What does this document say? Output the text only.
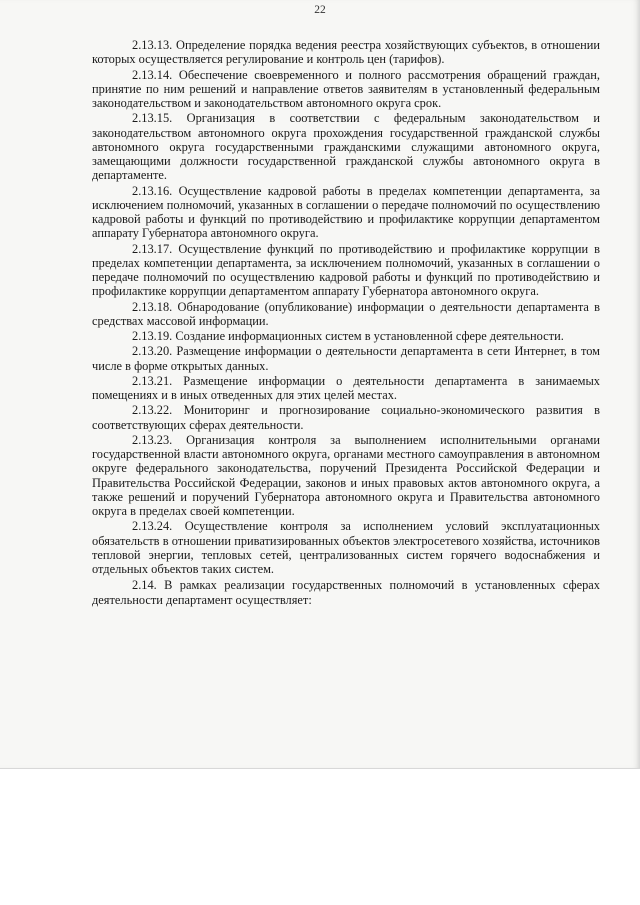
22

2.13.13. Определение порядка ведения реестра хозяйствующих субъектов, в отношении которых осуществляется регулирование и контроль цен (тарифов).

2.13.14. Обеспечение своевременного и полного рассмотрения обращений граждан, принятие по ним решений и направление ответов заявителям в установленный федеральным законодательством и законодательством автономного округа срок.

2.13.15. Организация в соответствии с федеральным законодательством и законодательством автономного округа прохождения государственной гражданской службы автономного округа государственными гражданскими служащими автономного округа, замещающими должности государственной гражданской службы автономного округа в департаменте.

2.13.16. Осуществление кадровой работы в пределах компетенции департамента, за исключением полномочий, указанных в соглашении о передаче полномочий по осуществлению кадровой работы и функций по противодействию и профилактике коррупции департаментом аппарату Губернатора автономного округа.

2.13.17. Осуществление функций по противодействию и профилактике коррупции в пределах компетенции департамента, за исключением полномочий, указанных в соглашении о передаче полномочий по осуществлению кадровой работы и функций по противодействию и профилактике коррупции департаментом аппарату Губернатора автономного округа.

2.13.18. Обнародование (опубликование) информации о деятельности департамента в средствах массовой информации.

2.13.19. Создание информационных систем в установленной сфере деятельности.

2.13.20. Размещение информации о деятельности департамента в сети Интернет, в том числе в форме открытых данных.

2.13.21. Размещение информации о деятельности департамента в занимаемых помещениях и в иных отведенных для этих целей местах.

2.13.22. Мониторинг и прогнозирование социально-экономического развития в соответствующих сферах деятельности.

2.13.23. Организация контроля за выполнением исполнительными органами государственной власти автономного округа, органами местного самоуправления в автономном округе федерального законодательства, поручений Президента Российской Федерации и Правительства Российской Федерации, законов и иных правовых актов автономного округа, а также решений и поручений Губернатора автономного округа и Правительства автономного округа в пределах своей компетенции.

2.13.24. Осуществление контроля за исполнением условий эксплуатационных обязательств в отношении приватизированных объектов электросетевого хозяйства, источников тепловой энергии, тепловых сетей, централизованных систем горячего водоснабжения и отдельных объектов таких систем.

2.14. В рамках реализации государственных полномочий в установленных сферах деятельности департамент осуществляет:
